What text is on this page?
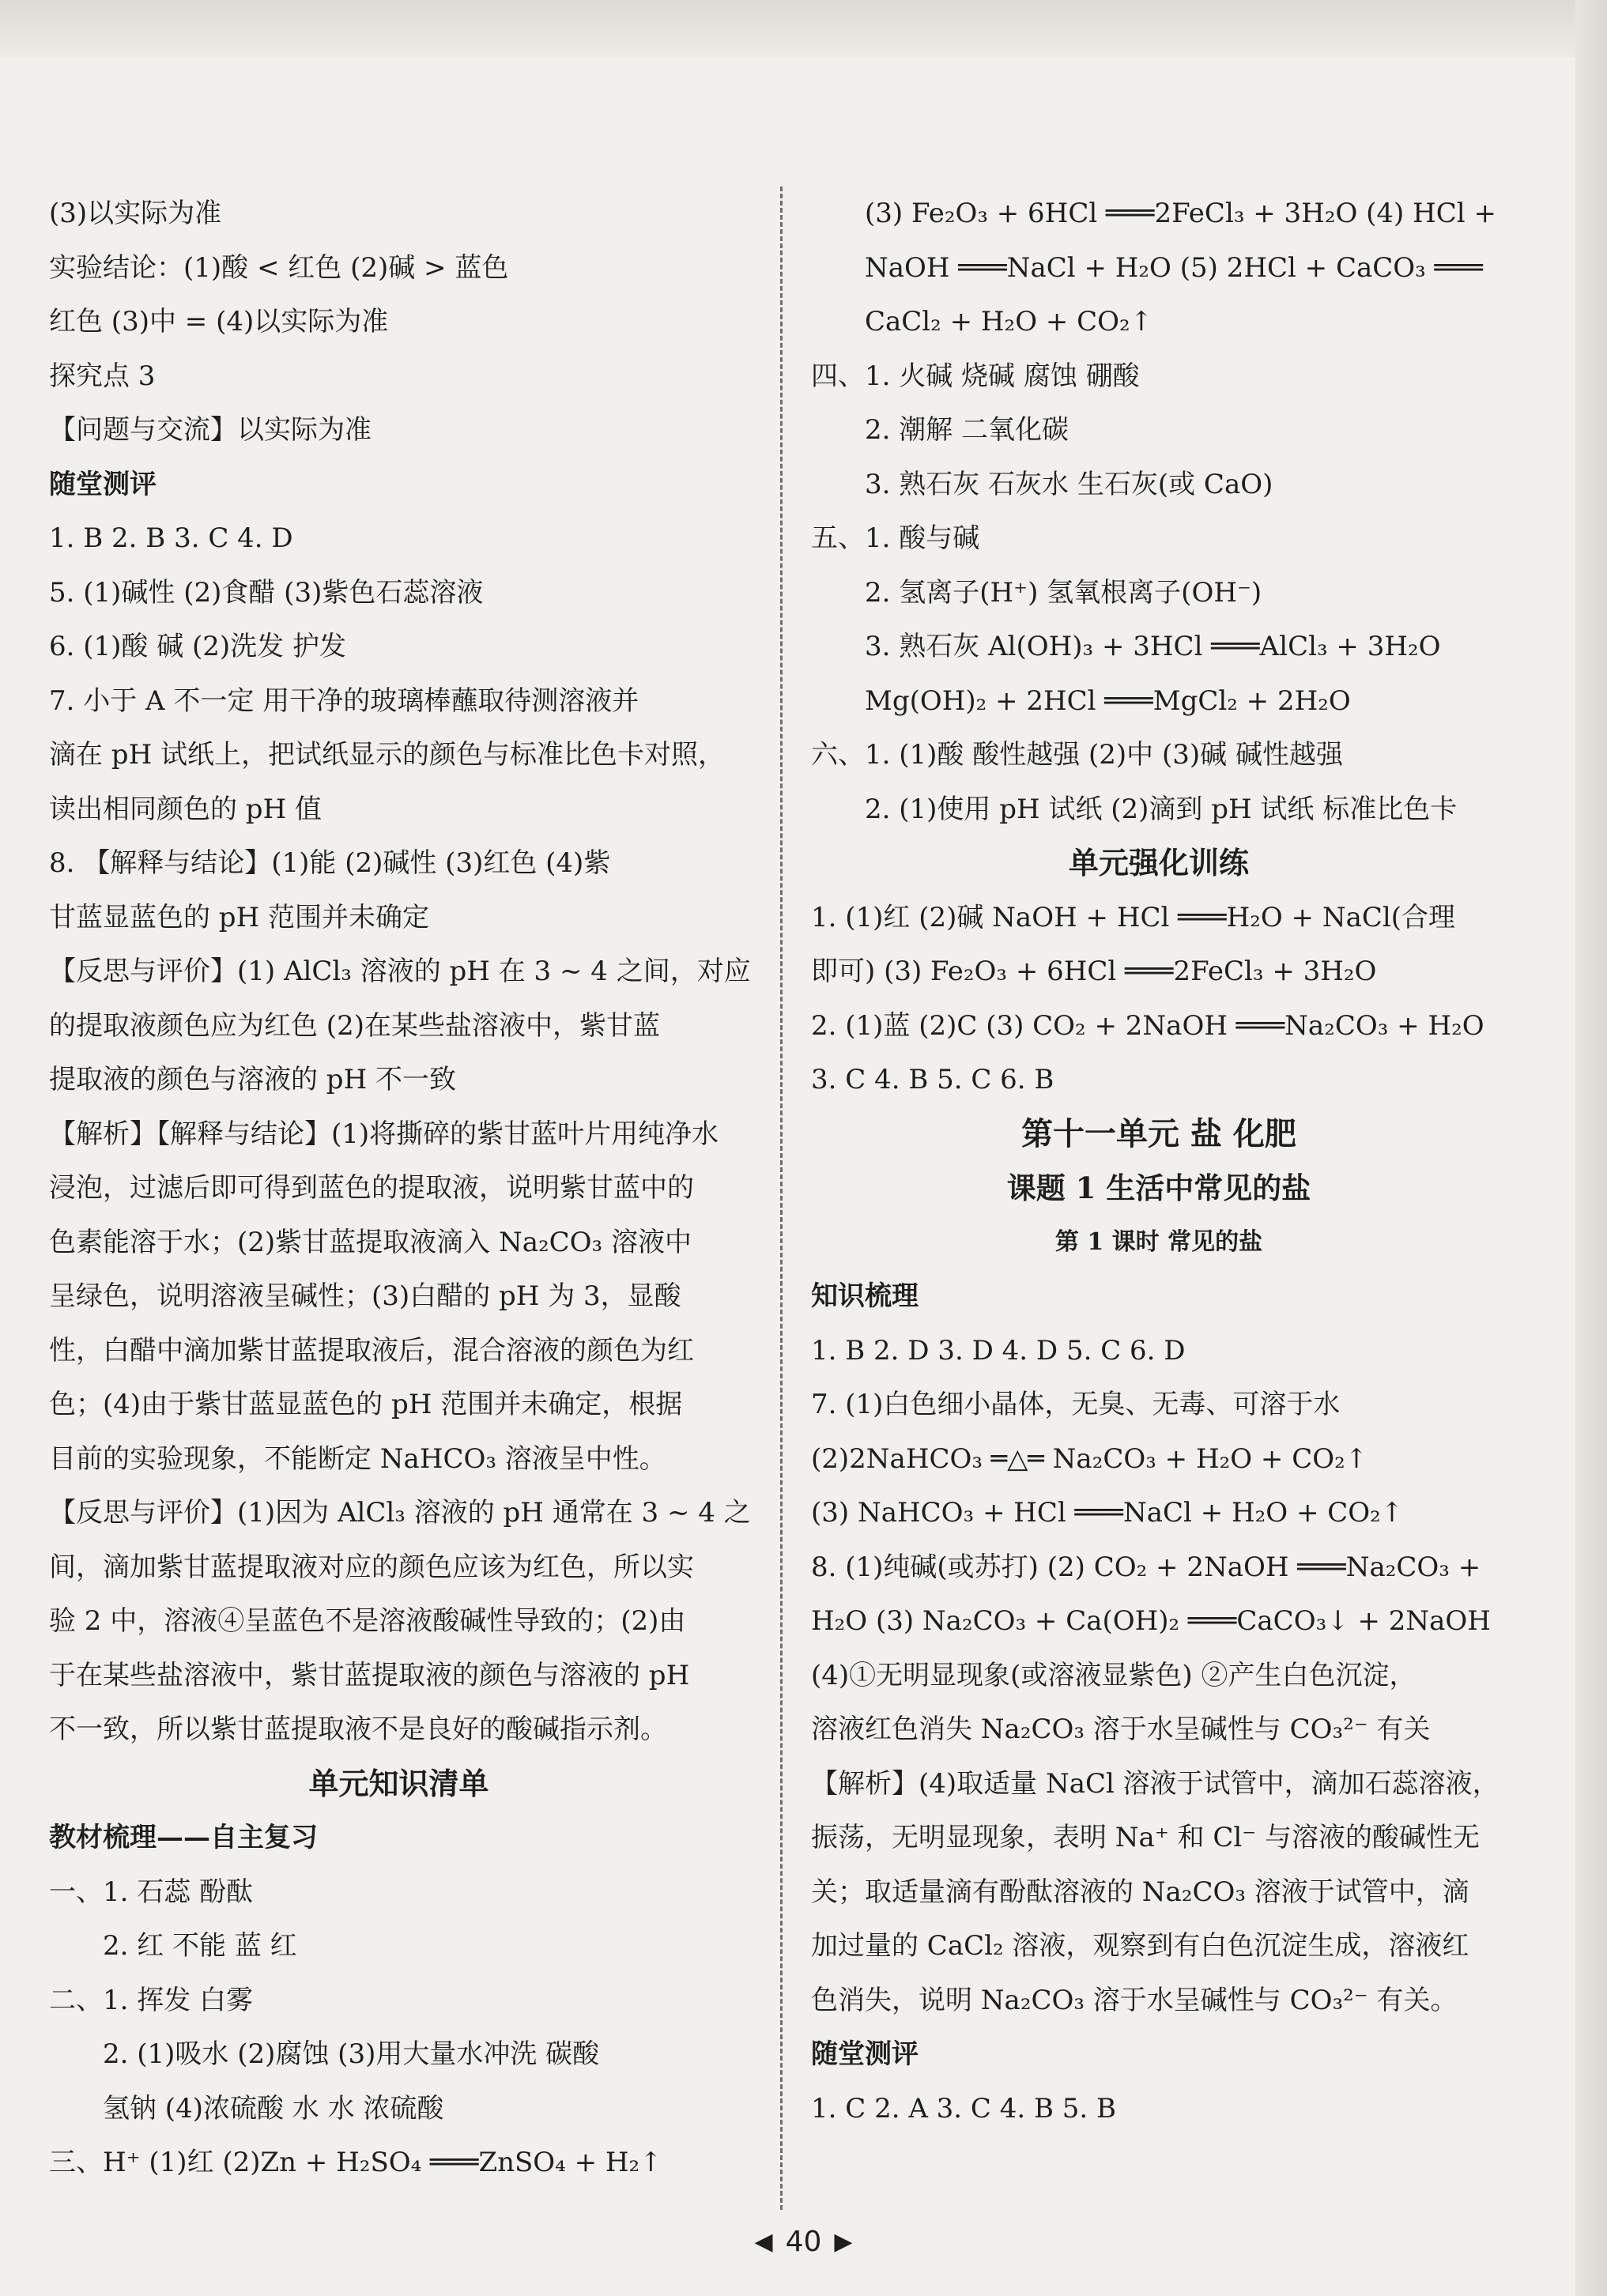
(3)以实际为准
实验结论：(1)酸 < 红色 (2)碱 > 蓝色
红色 (3)中 = (4)以实际为准
探究点 3
【问题与交流】以实际为准
随堂测评
1. B 2. B 3. C 4. D
5. (1)碱性 (2)食醋 (3)紫色石蕊溶液
6. (1)酸 碱 (2)洗发 护发
7. 小于 A 不一定 用干净的玻璃棒蘸取待测溶液并
滴在 pH 试纸上，把试纸显示的颜色与标准比色卡对照，
读出相同颜色的 pH 值
8. 【解释与结论】(1)能 (2)碱性 (3)红色 (4)紫
甘蓝显蓝色的 pH 范围并未确定
【反思与评价】(1) AlCl₃ 溶液的 pH 在 3 ~ 4 之间，对应
的提取液颜色应为红色 (2)在某些盐溶液中，紫甘蓝
提取液的颜色与溶液的 pH 不一致
【解析】【解释与结论】(1)将撕碎的紫甘蓝叶片用纯净水
浸泡，过滤后即可得到蓝色的提取液，说明紫甘蓝中的
色素能溶于水；(2)紫甘蓝提取液滴入 Na₂CO₃ 溶液中
呈绿色，说明溶液呈碱性；(3)白醋的 pH 为 3，显酸
性，白醋中滴加紫甘蓝提取液后，混合溶液的颜色为红
色；(4)由于紫甘蓝显蓝色的 pH 范围并未确定，根据
目前的实验现象，不能断定 NaHCO₃ 溶液呈中性。
【反思与评价】(1)因为 AlCl₃ 溶液的 pH 通常在 3 ~ 4 之
间，滴加紫甘蓝提取液对应的颜色应该为红色，所以实
验 2 中，溶液④呈蓝色不是溶液酸碱性导致的；(2)由
于在某些盐溶液中，紫甘蓝提取液的颜色与溶液的 pH
不一致，所以紫甘蓝提取液不是良好的酸碱指示剂。
单元知识清单
教材梳理——自主复习
一、1. 石蕊 酚酞
2. 红 不能 蓝 红
二、1. 挥发 白雾
2. (1)吸水 (2)腐蚀 (3)用大量水冲洗 碳酸
氢钠 (4)浓硫酸 水 水 浓硫酸
三、H⁺ (1)红 (2)Zn + H₂SO₄ ═══ZnSO₄ + H₂↑
(3) Fe₂O₃ + 6HCl ═══2FeCl₃ + 3H₂O (4) HCl +
NaOH ═══NaCl + H₂O (5) 2HCl + CaCO₃ ═══
CaCl₂ + H₂O + CO₂↑
四、1. 火碱 烧碱 腐蚀 硼酸
2. 潮解 二氧化碳
3. 熟石灰 石灰水 生石灰(或 CaO)
五、1. 酸与碱
2. 氢离子(H⁺) 氢氧根离子(OH⁻)
3. 熟石灰 Al(OH)₃ + 3HCl ═══AlCl₃ + 3H₂O
Mg(OH)₂ + 2HCl ═══MgCl₂ + 2H₂O
六、1. (1)酸 酸性越强 (2)中 (3)碱 碱性越强
2. (1)使用 pH 试纸 (2)滴到 pH 试纸 标准比色卡
单元强化训练
1. (1)红 (2)碱 NaOH + HCl ═══H₂O + NaCl(合理
即可) (3) Fe₂O₃ + 6HCl ═══2FeCl₃ + 3H₂O
2. (1)蓝 (2)C (3) CO₂ + 2NaOH ═══Na₂CO₃ + H₂O
3. C 4. B 5. C 6. B
第十一单元 盐 化肥
课题 1 生活中常见的盐
第 1 课时 常见的盐
知识梳理
1. B 2. D 3. D 4. D 5. C 6. D
7. (1)白色细小晶体，无臭、无毒、可溶于水
(2)2NaHCO₃ ═△═ Na₂CO₃ + H₂O + CO₂↑
(3) NaHCO₃ + HCl ═══NaCl + H₂O + CO₂↑
8. (1)纯碱(或苏打) (2) CO₂ + 2NaOH ═══Na₂CO₃ +
H₂O (3) Na₂CO₃ + Ca(OH)₂ ═══CaCO₃↓ + 2NaOH
(4)①无明显现象(或溶液显紫色) ②产生白色沉淀，
溶液红色消失 Na₂CO₃ 溶于水呈碱性与 CO₃²⁻ 有关
【解析】(4)取适量 NaCl 溶液于试管中，滴加石蕊溶液，
振荡，无明显现象，表明 Na⁺ 和 Cl⁻ 与溶液的酸碱性无
关；取适量滴有酚酞溶液的 Na₂CO₃ 溶液于试管中，滴
加过量的 CaCl₂ 溶液，观察到有白色沉淀生成，溶液红
色消失，说明 Na₂CO₃ 溶于水呈碱性与 CO₃²⁻ 有关。
随堂测评
1. C 2. A 3. C 4. B 5. B
◀ 40 ▶
